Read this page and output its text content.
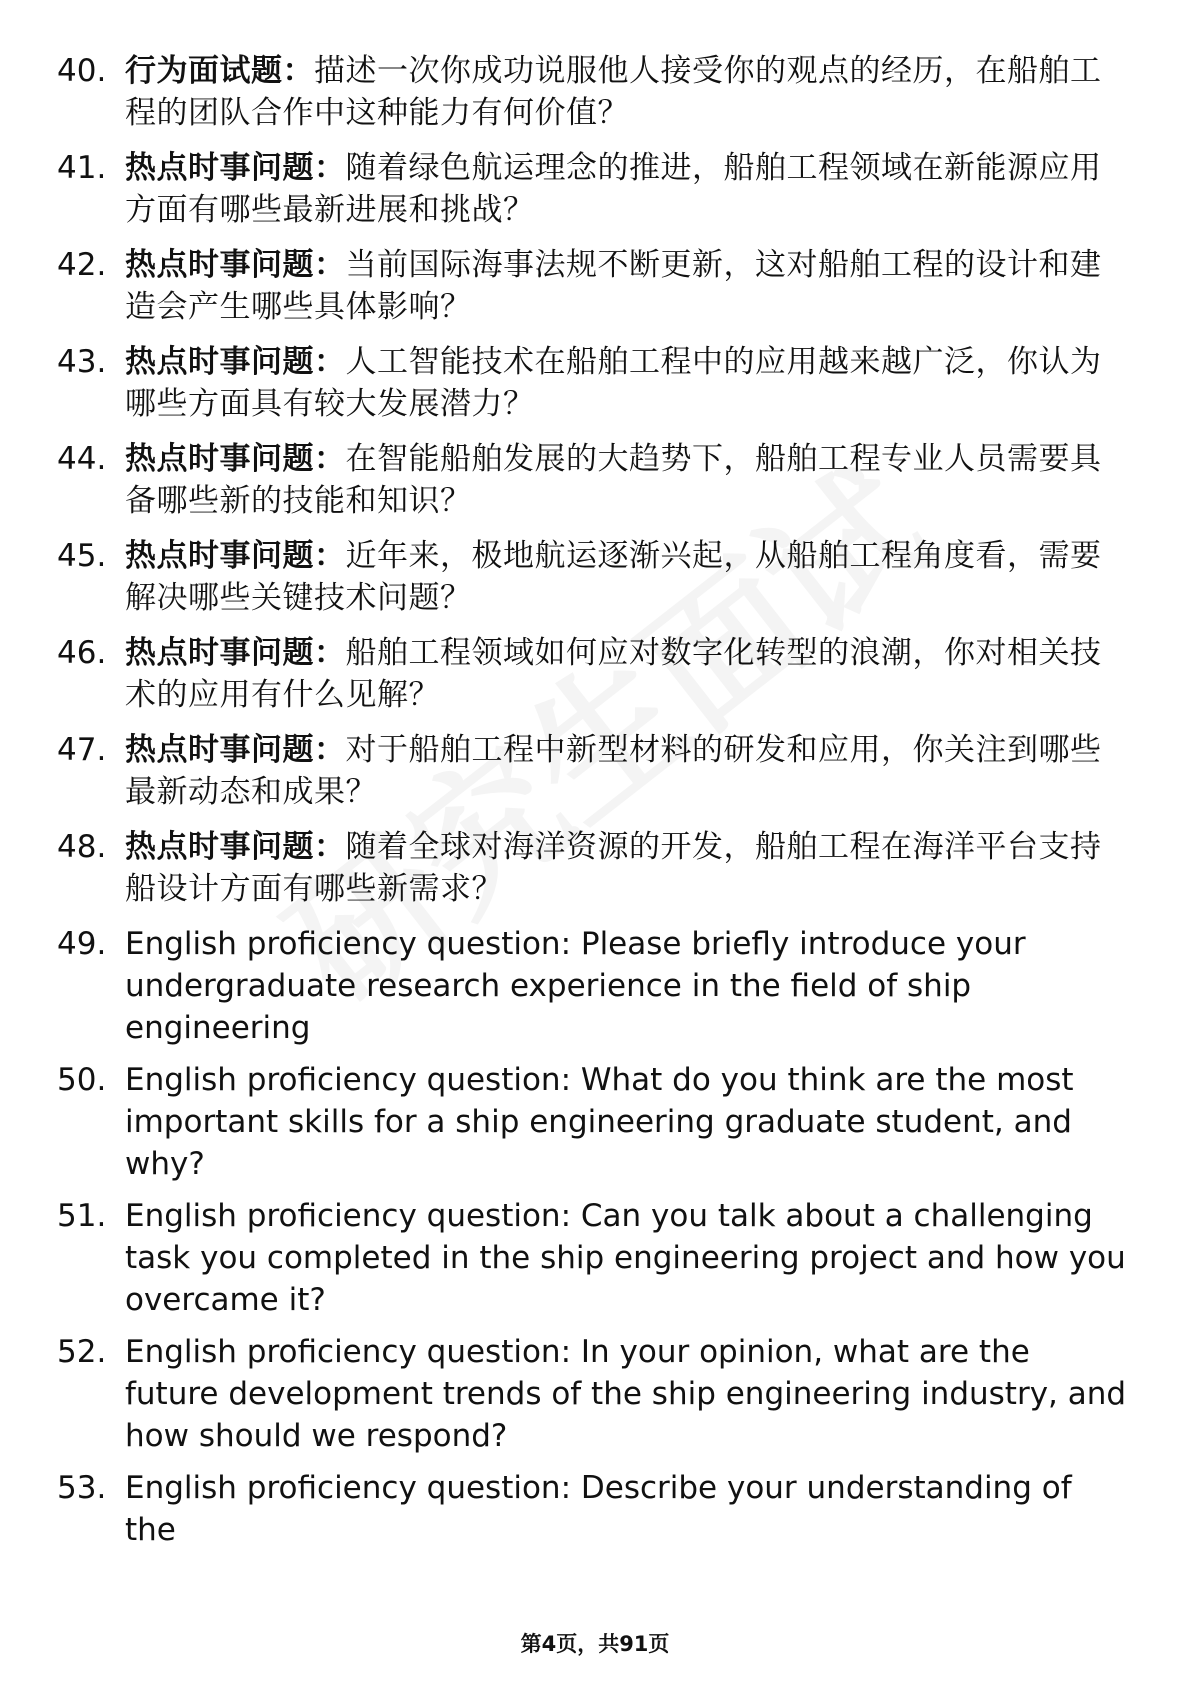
40. 行为面试题：描述一次你成功说服他人接受你的观点的经历，在船舶工程的团队合作中这种能力有何价值？
41. 热点时事问题：随着绿色航运理念的推进，船舶工程领域在新能源应用方面有哪些最新进展和挑战？
42. 热点时事问题：当前国际海事法规不断更新，这对船舶工程的设计和建造会产生哪些具体影响？
43. 热点时事问题：人工智能技术在船舶工程中的应用越来越广泛，你认为哪些方面具有较大发展潜力？
44. 热点时事问题：在智能船舶发展的大趋势下，船舶工程专业人员需要具备哪些新的技能和知识？
45. 热点时事问题：近年来，极地航运逐渐兴起，从船舶工程角度看，需要解决哪些关键技术问题？
46. 热点时事问题：船舶工程领域如何应对数字化转型的浪潮，你对相关技术的应用有什么见解？
47. 热点时事问题：对于船舶工程中新型材料的研发和应用，你关注到哪些最新动态和成果？
48. 热点时事问题：随着全球对海洋资源的开发，船舶工程在海洋平台支持船设计方面有哪些新需求？
49. English proficiency question: Please briefly introduce your undergraduate research experience in the field of ship engineering
50. English proficiency question: What do you think are the most important skills for a ship engineering graduate student, and why?
51. English proficiency question: Can you talk about a challenging task you completed in the ship engineering project and how you overcame it?
52. English proficiency question: In your opinion, what are the future development trends of the ship engineering industry, and how should we respond?
53. English proficiency question: Describe your understanding of the
第4页，共91页
